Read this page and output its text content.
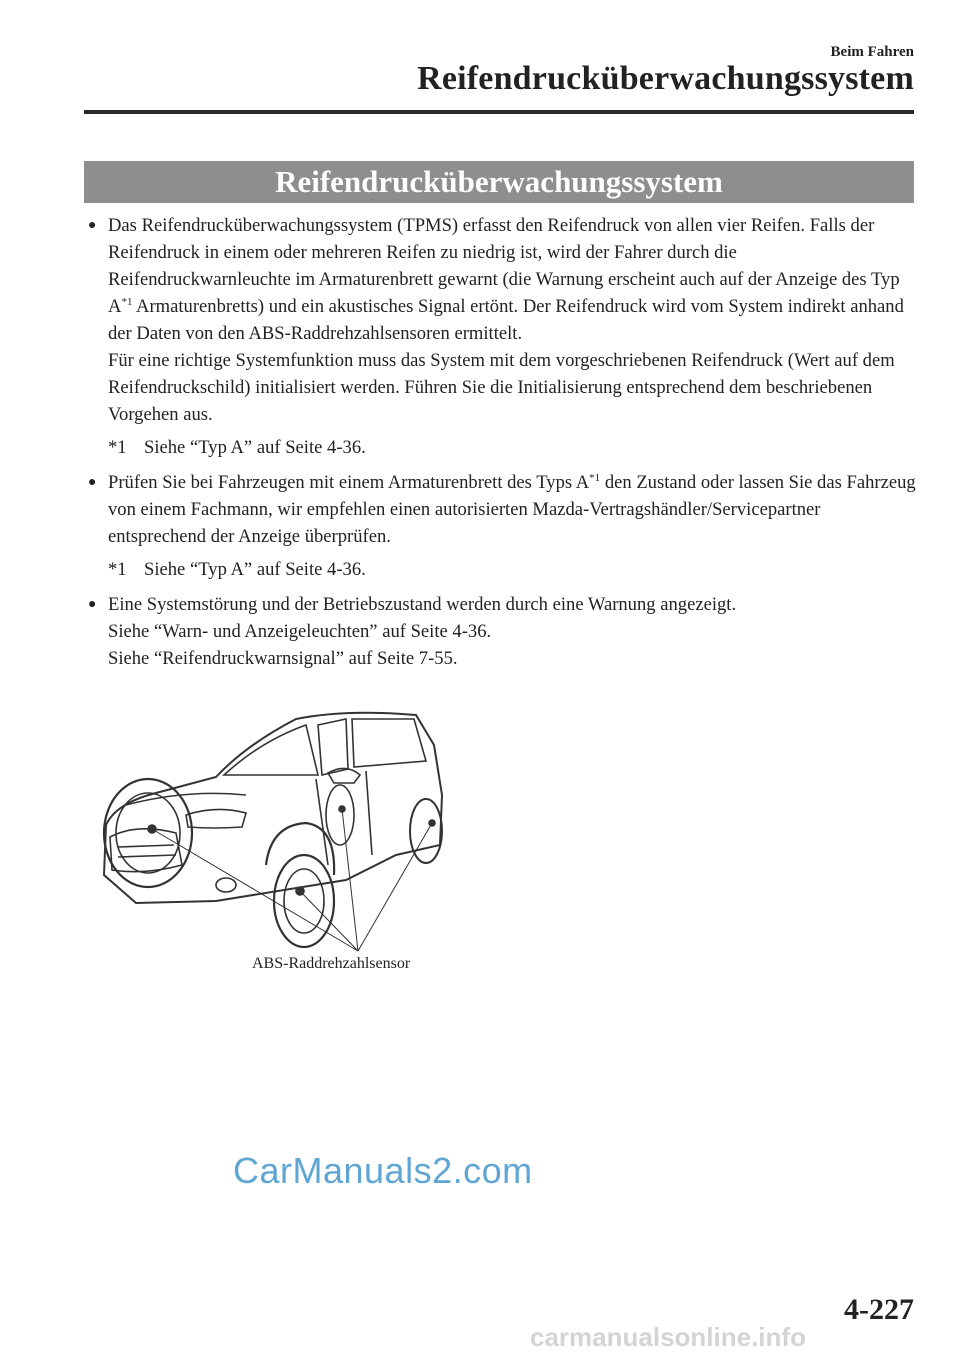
Beim Fahren
Reifendrucküberwachungssystem
Reifendrucküberwachungssystem
● Das Reifendrucküberwachungssystem (TPMS) erfasst den Reifendruck von allen vier Reifen. Falls der Reifendruck in einem oder mehreren Reifen zu niedrig ist, wird der Fahrer durch die Reifendruckwarnleuchte im Armaturenbrett gewarnt (die Warnung erscheint auch auf der Anzeige des Typ $A^{*1}$ Armaturenbretts) und ein akustisches Signal ertönt. Der Reifendruck wird vom System indirekt anhand der Daten von den ABS-Raddrehzahlsensoren ermittelt.

Für eine richtige Systemfunktion muss das System mit dem vorgeschriebenen Reifendruck (Wert auf dem Reifendruckschild) initialisiert werden. Führen Sie die Initialisierung entsprechend dem beschriebenen Vorgehen aus.

*1 Siehe “Typ A” auf Seite 4-36.
● Prüfen Sie bei Fahrzeugen mit einem Armaturenbrett des Typs $A^{*1}$ den Zustand oder lassen Sie das Fahrzeug von einem Fachmann, wir empfehlen einen autorisierten Mazda-Vertragshändler/Servicepartner entsprechend der Anzeige überprüfen.

*1 Siehe “Typ A” auf Seite 4-36.
● Eine Systemstörung und der Betriebszustand werden durch eine Warnung angezeigt.

Siehe “Warn- und Anzeigeleuchten” auf Seite 4-36.

Siehe “Reifendruckwarnsignal” auf Seite 7-55.

ABS-Raddrehzahlsensor
CarManuals2.com
4-227
carmanualsonline.info
